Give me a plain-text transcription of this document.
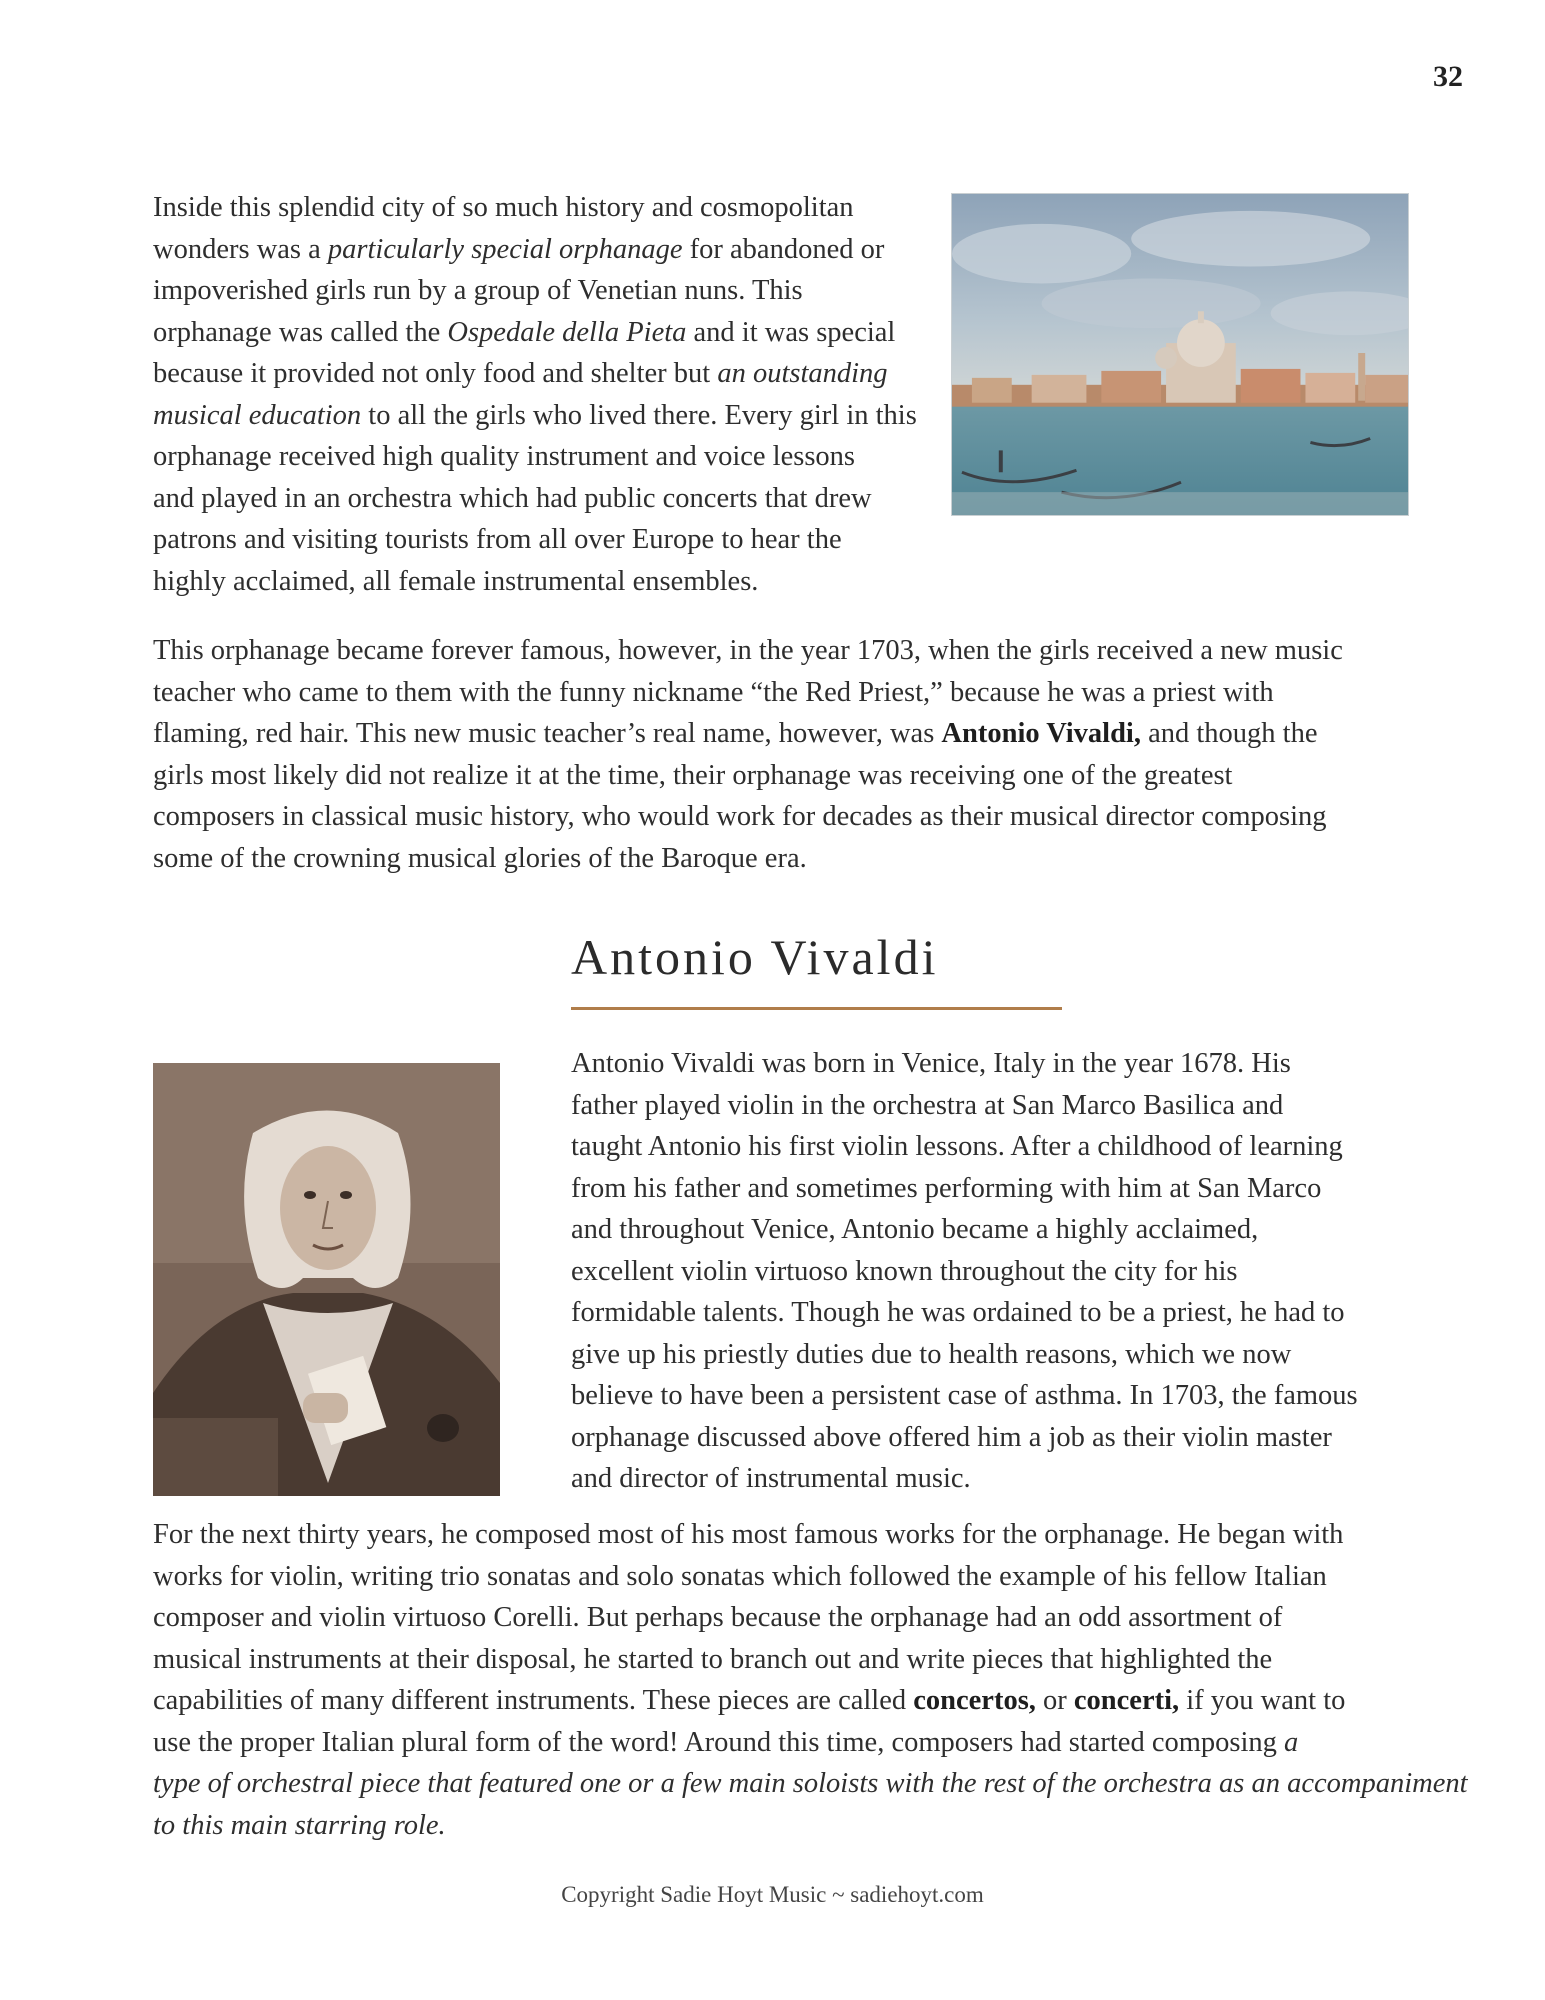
32

Inside this splendid city of so much history and cosmopolitan
wonders was a particularly special orphanage for abandoned or
impoverished girls run by a group of Venetian nuns. This
orphanage was called the Ospedale della Pieta and it was special
because it provided not only food and shelter but an outstanding
musical education to all the girls who lived there. Every girl in this
orphanage received high quality instrument and voice lessons
and played in an orchestra which had public concerts that drew
patrons and visiting tourists from all over Europe to hear the
highly acclaimed, all female instrumental ensembles.

This orphanage became forever famous, however, in the year 1703, when the girls received a new music
teacher who came to them with the funny nickname “the Red Priest,” because he was a priest with
flaming, red hair. This new music teacher’s real name, however, was Antonio Vivaldi, and though the
girls most likely did not realize it at the time, their orphanage was receiving one of the greatest
composers in classical music history, who would work for decades as their musical director composing
some of the crowning musical glories of the Baroque era.

Antonio Vivaldi

Antonio Vivaldi was born in Venice, Italy in the year 1678. His
father played violin in the orchestra at San Marco Basilica and
taught Antonio his first violin lessons. After a childhood of learning
from his father and sometimes performing with him at San Marco
and throughout Venice, Antonio became a highly acclaimed,
excellent violin virtuoso known throughout the city for his
formidable talents. Though he was ordained to be a priest, he had to
give up his priestly duties due to health reasons, which we now
believe to have been a persistent case of asthma. In 1703, the famous
orphanage discussed above offered him a job as their violin master
and director of instrumental music.

For the next thirty years, he composed most of his most famous works for the orphanage. He began with
works for violin, writing trio sonatas and solo sonatas which followed the example of his fellow Italian
composer and violin virtuoso Corelli. But perhaps because the orphanage had an odd assortment of
musical instruments at their disposal, he started to branch out and write pieces that highlighted the
capabilities of many different instruments. These pieces are called concertos, or concerti, if you want to
use the proper Italian plural form of the word! Around this time, composers had started composing a
type of orchestral piece that featured one or a few main soloists with the rest of the orchestra as an accompaniment
to this main starring role.

Copyright Sadie Hoyt Music ~ sadiehoyt.com
